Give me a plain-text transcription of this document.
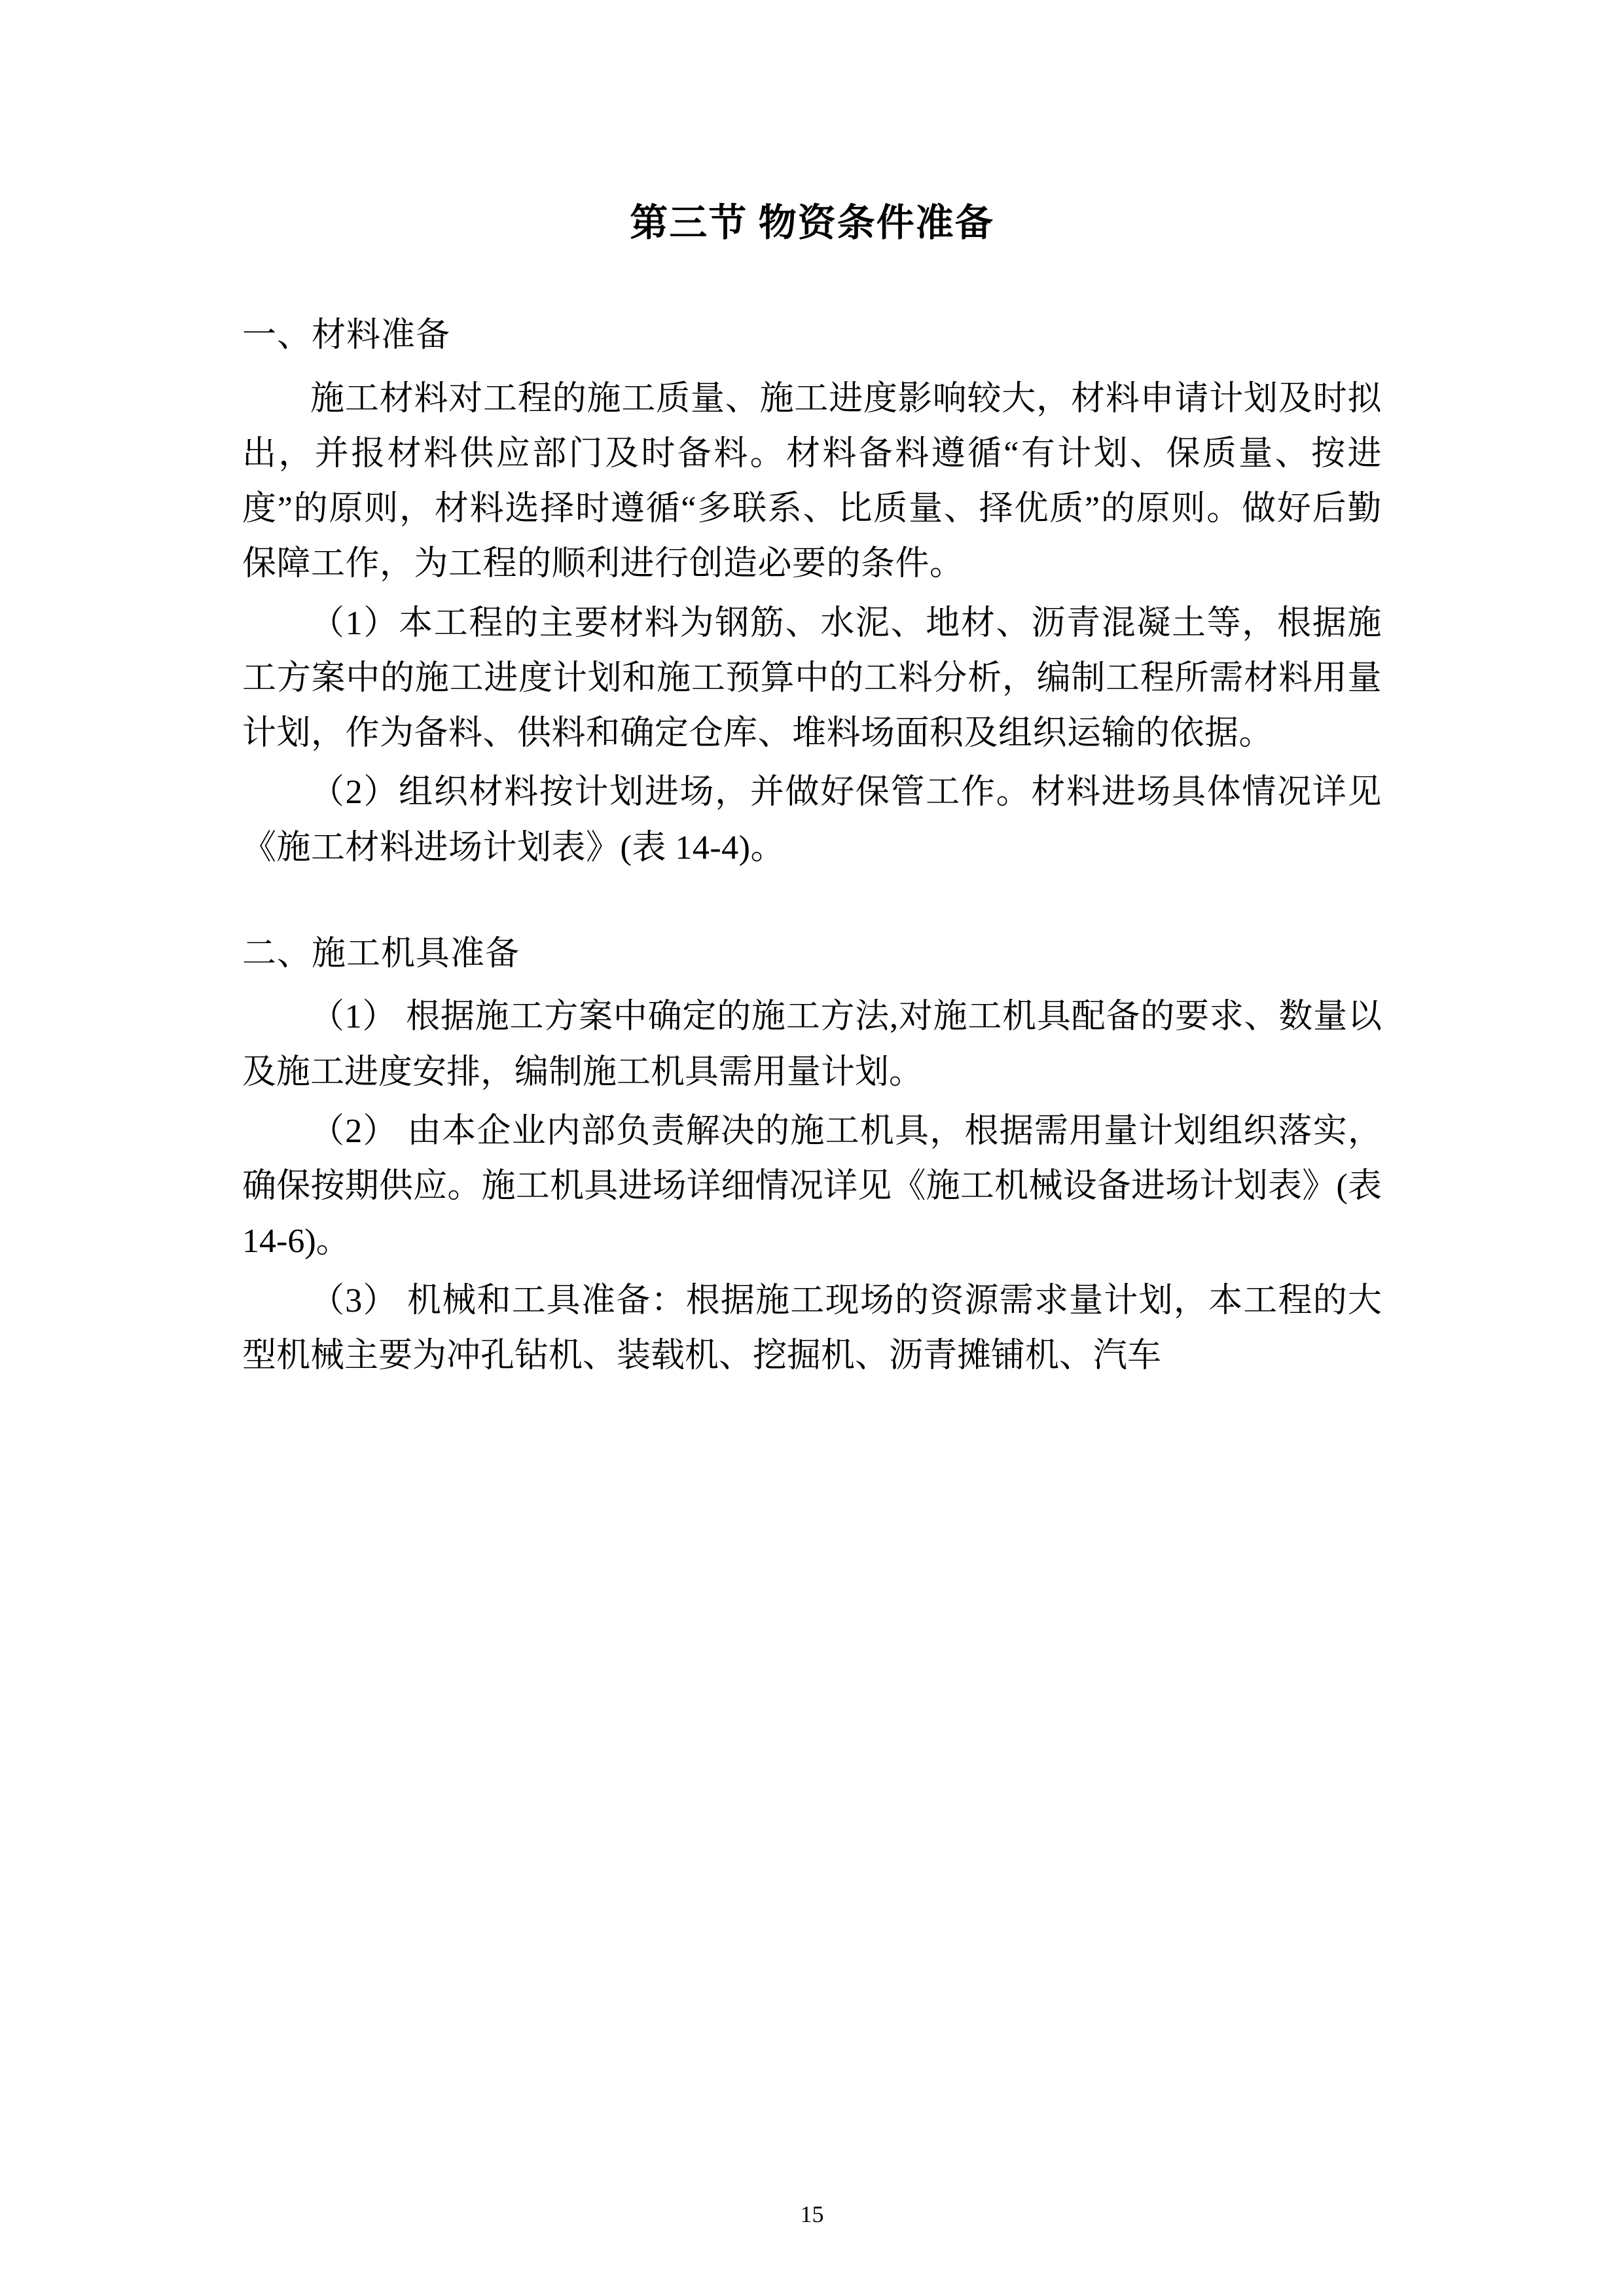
第三节 物资条件准备
一、材料准备

施工材料对工程的施工质量、施工进度影响较大，材料申请计划及时拟出，并报材料供应部门及时备料。材料备料遵循“有计划、保质量、按进度”的原则，材料选择时遵循“多联系、比质量、择优质”的原则。做好后勤保障工作，为工程的顺利进行创造必要的条件。

（1）本工程的主要材料为钢筋、水泥、地材、沥青混凝土等，根据施工方案中的施工进度计划和施工预算中的工料分析，编制工程所需材料用量计划，作为备料、供料和确定仓库、堆料场面积及组织运输的依据。

（2）组织材料按计划进场，并做好保管工作。材料进场具体情况详见《施工材料进场计划表》(表 14-4)。

二、施工机具准备

（1） 根据施工方案中确定的施工方法,对施工机具配备的要求、数量以及施工进度安排，编制施工机具需用量计划。

（2） 由本企业内部负责解决的施工机具，根据需用量计划组织落实，确保按期供应。施工机具进场详细情况详见《施工机械设备进场计划表》(表 14-6)。

（3） 机械和工具准备：根据施工现场的资源需求量计划，本工程的大型机械主要为冲孔钻机、装载机、挖掘机、沥青摊铺机、汽车

15
